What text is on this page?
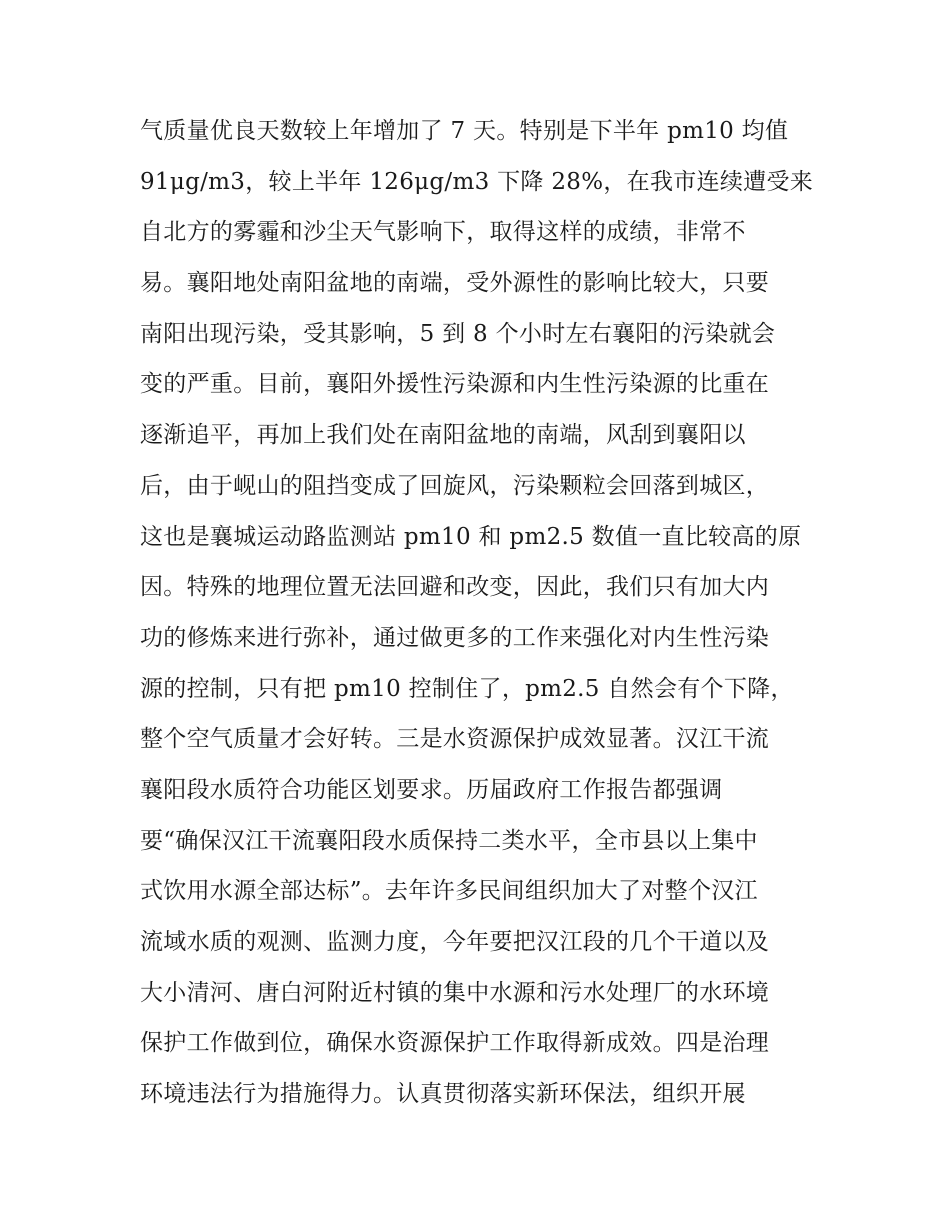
气质量优良天数较上年增加了 7 天。特别是下半年 pm10 均值
91μg/m3，较上半年 126μg/m3 下降 28%，在我市连续遭受来
自北方的雾霾和沙尘天气影响下，取得这样的成绩，非常不
易。襄阳地处南阳盆地的南端，受外源性的影响比较大，只要
南阳出现污染，受其影响，5 到 8 个小时左右襄阳的污染就会
变的严重。目前，襄阳外援性污染源和内生性污染源的比重在
逐渐追平，再加上我们处在南阳盆地的南端，风刮到襄阳以
后，由于岘山的阻挡变成了回旋风，污染颗粒会回落到城区，
这也是襄城运动路监测站 pm10 和 pm2.5 数值一直比较高的原
因。特殊的地理位置无法回避和改变，因此，我们只有加大内
功的修炼来进行弥补，通过做更多的工作来强化对内生性污染
源的控制，只有把 pm10 控制住了，pm2.5 自然会有个下降，
整个空气质量才会好转。三是水资源保护成效显著。汉江干流
襄阳段水质符合功能区划要求。历届政府工作报告都强调
要“确保汉江干流襄阳段水质保持二类水平，全市县以上集中
式饮用水源全部达标”。去年许多民间组织加大了对整个汉江
流域水质的观测、监测力度，今年要把汉江段的几个干道以及
大小清河、唐白河附近村镇的集中水源和污水处理厂的水环境
保护工作做到位，确保水资源保护工作取得新成效。四是治理
环境违法行为措施得力。认真贯彻落实新环保法，组织开展
